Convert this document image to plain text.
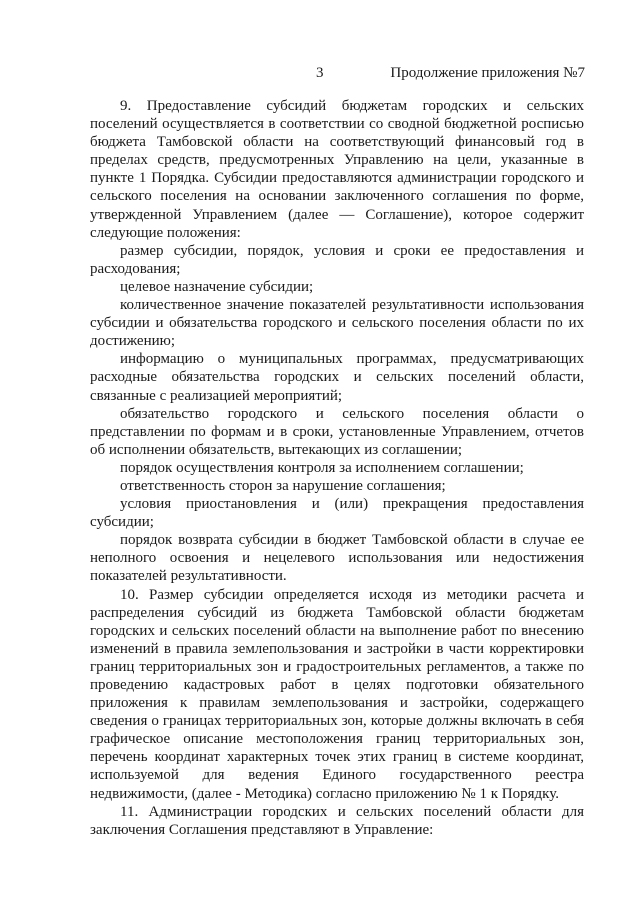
3	Продолжение приложения №7

9. Предоставление субсидий бюджетам городских и сельских поселений осуществляется в соответствии со сводной бюджетной росписью бюджета Тамбовской области на соответствующий финансовый год в пределах средств, предусмотренных Управлению на цели, указанные в пункте 1 Порядка. Субсидии предоставляются администрации городского и сельского поселения на основании заключенного соглашения по форме, утвержденной Управлением (далее — Соглашение), которое содержит следующие положения:

размер субсидии, порядок, условия и сроки ее предоставления и расходования;

целевое назначение субсидии;

количественное значение показателей результативности использования субсидии и обязательства городского и сельского поселения области по их достижению;

информацию о муниципальных программах, предусматривающих расходные обязательства городских и сельских поселений области, связанные с реализацией мероприятий;

обязательство городского и сельского поселения области о представлении по формам и в сроки, установленные Управлением, отчетов об исполнении обязательств, вытекающих из соглашении;

порядок осуществления контроля за исполнением соглашении;

ответственность сторон за нарушение соглашения;

условия приостановления и (или) прекращения предоставления субсидии;

порядок возврата субсидии в бюджет Тамбовской области в случае ее неполного освоения и нецелевого использования или недостижения показателей результативности.

10. Размер субсидии определяется исходя из методики расчета и распределения субсидий из бюджета Тамбовской области бюджетам городских и сельских поселений области на выполнение работ по внесению изменений в правила землепользования и застройки в части корректировки границ территориальных зон и градостроительных регламентов, а также по проведению кадастровых работ в целях подготовки обязательного приложения к правилам землепользования и застройки, содержащего сведения о границах территориальных зон, которые должны включать в себя графическое описание местоположения границ территориальных зон, перечень координат характерных точек этих границ в системе координат, используемой для ведения Единого государственного реестра недвижимости, (далее - Методика) согласно приложению № 1 к Порядку.

11. Администрации городских и сельских поселений области для заключения Соглашения представляют в Управление:
